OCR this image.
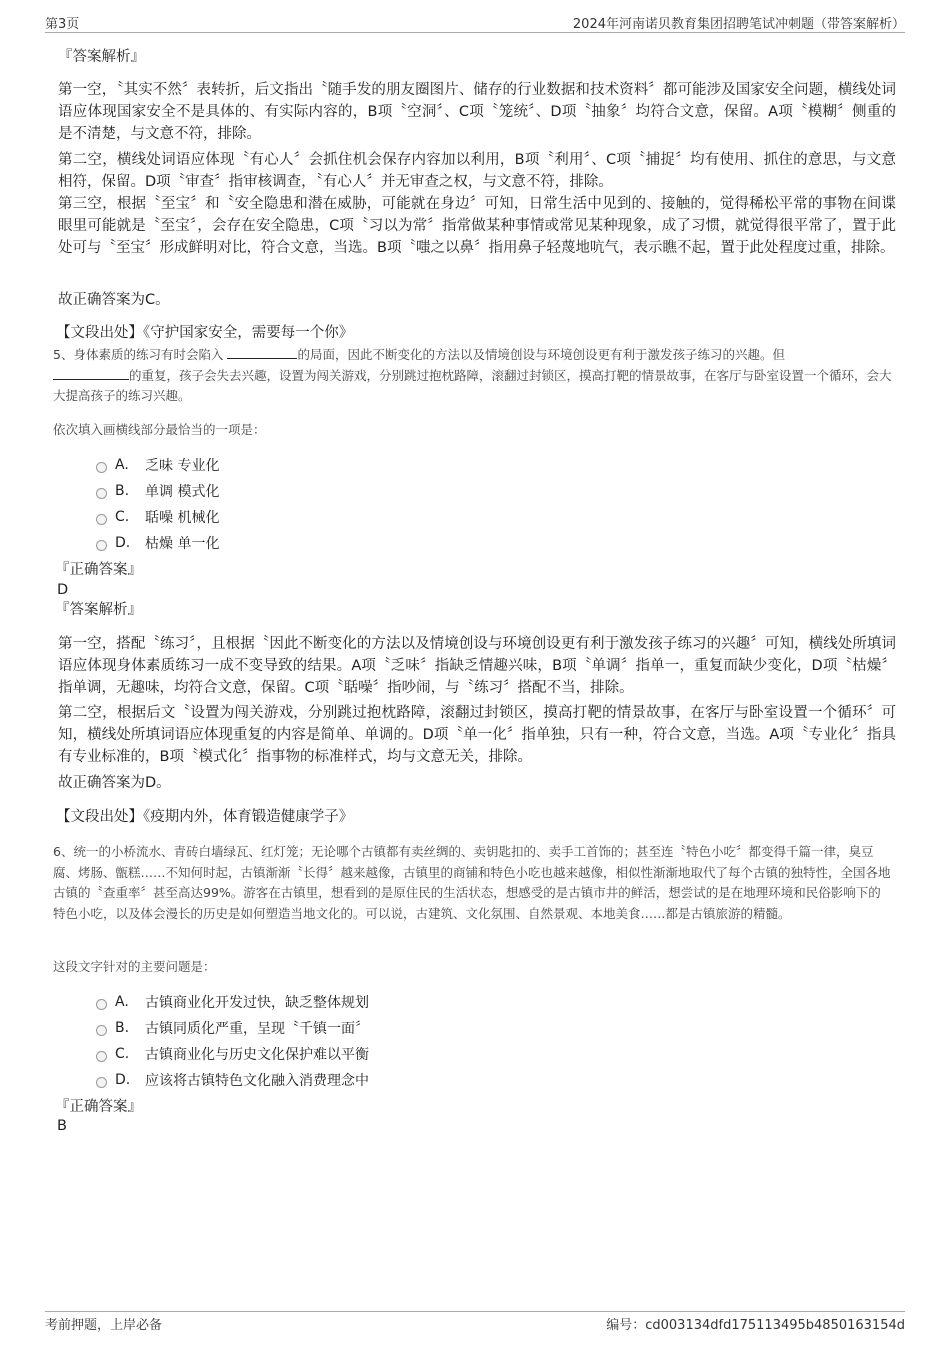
第3页	2024年河南诺贝教育集团招聘笔试冲刺题（带答案解析）
『答案解析』
第一空，〝其实不然〞表转折，后文指出〝随手发的朋友圈图片、储存的行业数据和技术资料〞都可能涉及国家安全问题，横线处词语应体现国家安全不是具体的、有实际内容的，B项〝空洞〞、C项〝笼统〞、D项〝抽象〞均符合文意，保留。A项〝模糊〞侧重的是不清楚，与文意不符，排除。
第二空，横线处词语应体现〝有心人〞会抓住机会保存内容加以利用，B项〝利用〞、C项〝捕捉〞均有使用、抓住的意思，与文意相符，保留。D项〝审查〞指审核调查，〝有心人〞并无审查之权，与文意不符，排除。
第三空，根据〝至宝〞和〝安全隐患和潜在威胁，可能就在身边〞可知，日常生活中见到的、接触的，觉得稀松平常的事物在间谍眼里可能就是〝至宝〞，会存在安全隐患，C项〝习以为常〞指常做某种事情或常见某种现象，成了习惯，就觉得很平常了，置于此处可与〝至宝〞形成鲜明对比，符合文意，当选。B项〝嗤之以鼻〞指用鼻子轻蔑地吭气，表示瞧不起，置于此处程度过重，排除。
故正确答案为C。
【文段出处】《守护国家安全，需要每一个你》
5、身体素质的练习有时会陷入	的局面，因此不断变化的方法以及情境创设与环境创设更有利于激发孩子练习的兴趣。但
的重复，孩子会失去兴趣，设置为闯关游戏，分别跳过抱枕路障，滚翻过封锁区，摸高打靶的情景故事，在客厅与卧室设置一个循环，会大大提高孩子的练习兴趣。
依次填入画横线部分最恰当的一项是：
A.	乏味 专业化
B.	单调 模式化
C.	聒噪 机械化
D.	枯燥 单一化
『正确答案』
D
『答案解析』
第一空，搭配〝练习〞，且根据〝因此不断变化的方法以及情境创设与环境创设更有利于激发孩子练习的兴趣〞可知，横线处所填词语应体现身体素质练习一成不变导致的结果。A项〝乏味〞指缺乏情趣兴味，B项〝单调〞指单一，重复而缺少变化，D项〝枯燥〞指单调，无趣味，均符合文意，保留。C项〝聒噪〞指吵闹，与〝练习〞搭配不当，排除。
第二空，根据后文〝设置为闯关游戏，分别跳过抱枕路障，滚翻过封锁区，摸高打靶的情景故事，在客厅与卧室设置一个循环〞可知，横线处所填词语应体现重复的内容是简单、单调的。D项〝单一化〞指单独，只有一种，符合文意，当选。A项〝专业化〞指具有专业标准的，B项〝模式化〞指事物的标准样式，均与文意无关，排除。
故正确答案为D。
【文段出处】《疫期内外，体育锻造健康学子》
6、统一的小桥流水、青砖白墙绿瓦、红灯笼；无论哪个古镇都有卖丝绸的、卖钥匙扣的、卖手工首饰的；甚至连〝特色小吃〞都变得千篇一律，臭豆腐、烤肠、甑糕……不知何时起，古镇渐渐〝长得〞越来越像，古镇里的商铺和特色小吃也越来越像，相似性渐渐地取代了每个古镇的独特性，全国各地古镇的〝查重率〞甚至高达99%。游客在古镇里，想看到的是原住民的生活状态，想感受的是古镇市井的鲜活，想尝试的是在地理环境和民俗影响下的特色小吃，以及体会漫长的历史是如何塑造当地文化的。可以说，古建筑、文化氛围、自然景观、本地美食……都是古镇旅游的精髓。
这段文字针对的主要问题是：
A.	古镇商业化开发过快，缺乏整体规划
B.	古镇同质化严重，呈现〝千镇一面〞
C.	古镇商业化与历史文化保护难以平衡
D.	应该将古镇特色文化融入消费理念中
『正确答案』
B
考前押题，上岸必备	编号：cd003134dfd175113495b4850163154d
